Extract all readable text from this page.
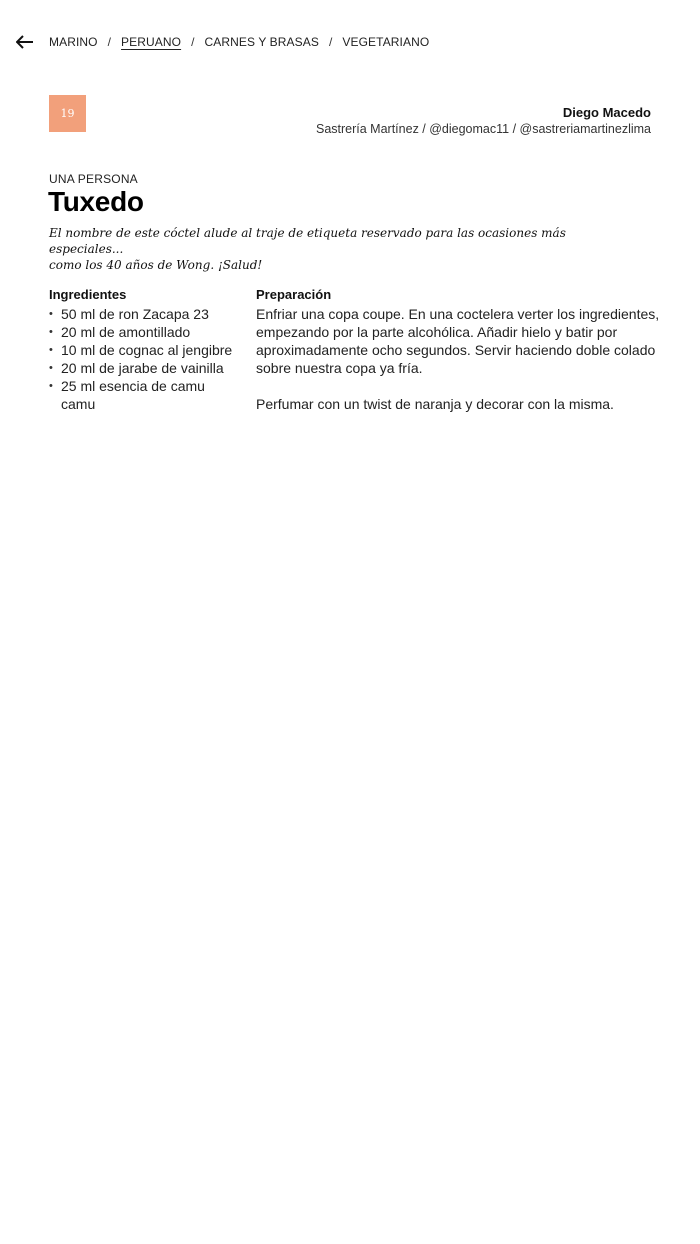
MARINO / PERUANO / CARNES Y BRASAS / VEGETARIANO
19	Diego Macedo
Sastrería Martínez / @diegomac11 / @sastreriamartinezlima
UNA PERSONA
Tuxedo
El nombre de este cóctel alude al traje de etiqueta reservado para las ocasiones más especiales...
como los 40 años de Wong. ¡Salud!
Ingredientes
• 50 ml de ron Zacapa 23
• 20 ml de amontillado
• 10 ml de cognac al jengibre
• 20 ml de jarabe de vainilla
• 25 ml esencia de camu camu
Preparación

Enfriar una copa coupe. En una coctelera verter los ingredientes, empezando por la parte alcohólica. Añadir hielo y batir por aproximadamente ocho segundos. Servir haciendo doble colado sobre nuestra copa ya fría.

Perfumar con un twist de naranja y decorar con la misma.
